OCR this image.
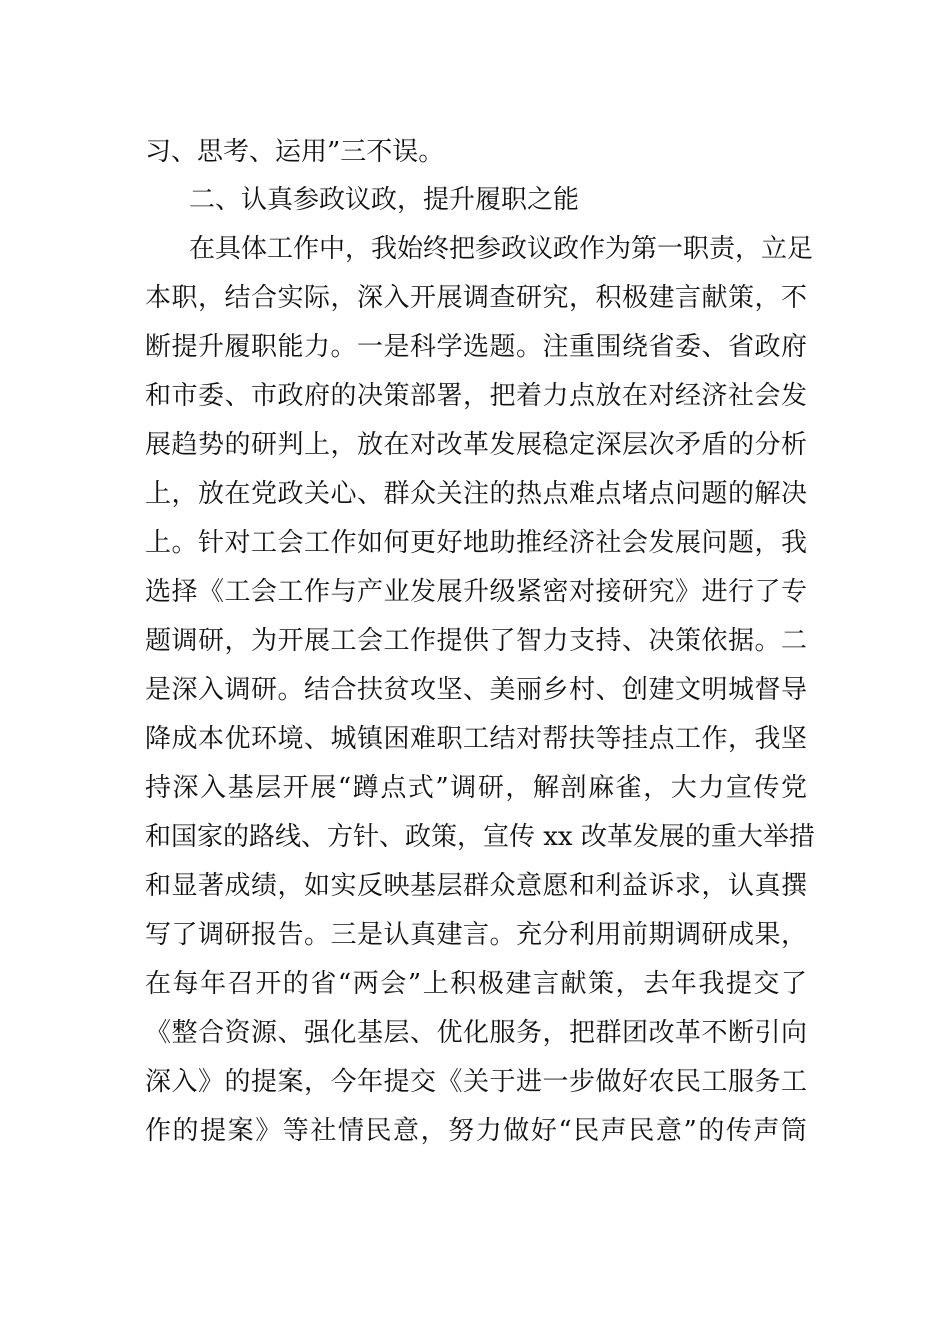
习、思考、运用”三不误。
二、认真参政议政，提升履职之能
在具体工作中，我始终把参政议政作为第一职责，立足
本职，结合实际，深入开展调查研究，积极建言献策，不
断提升履职能力。一是科学选题。注重围绕省委、省政府
和市委、市政府的决策部署，把着力点放在对经济社会发
展趋势的研判上，放在对改革发展稳定深层次矛盾的分析
上，放在党政关心、群众关注的热点难点堵点问题的解决
上。针对工会工作如何更好地助推经济社会发展问题，我
选择《工会工作与产业发展升级紧密对接研究》进行了专
题调研，为开展工会工作提供了智力支持、决策依据。二
是深入调研。结合扶贫攻坚、美丽乡村、创建文明城督导
降成本优环境、城镇困难职工结对帮扶等挂点工作，我坚
持深入基层开展“蹲点式”调研，解剖麻雀，大力宣传党
和国家的路线、方针、政策，宣传 xx 改革发展的重大举措
和显著成绩，如实反映基层群众意愿和利益诉求，认真撰
写了调研报告。三是认真建言。充分利用前期调研成果，
在每年召开的省“两会”上积极建言献策，去年我提交了
《整合资源、强化基层、优化服务，把群团改革不断引向
深入》的提案，今年提交《关于进一步做好农民工服务工
作的提案》等社情民意，努力做好“民声民意”的传声筒
